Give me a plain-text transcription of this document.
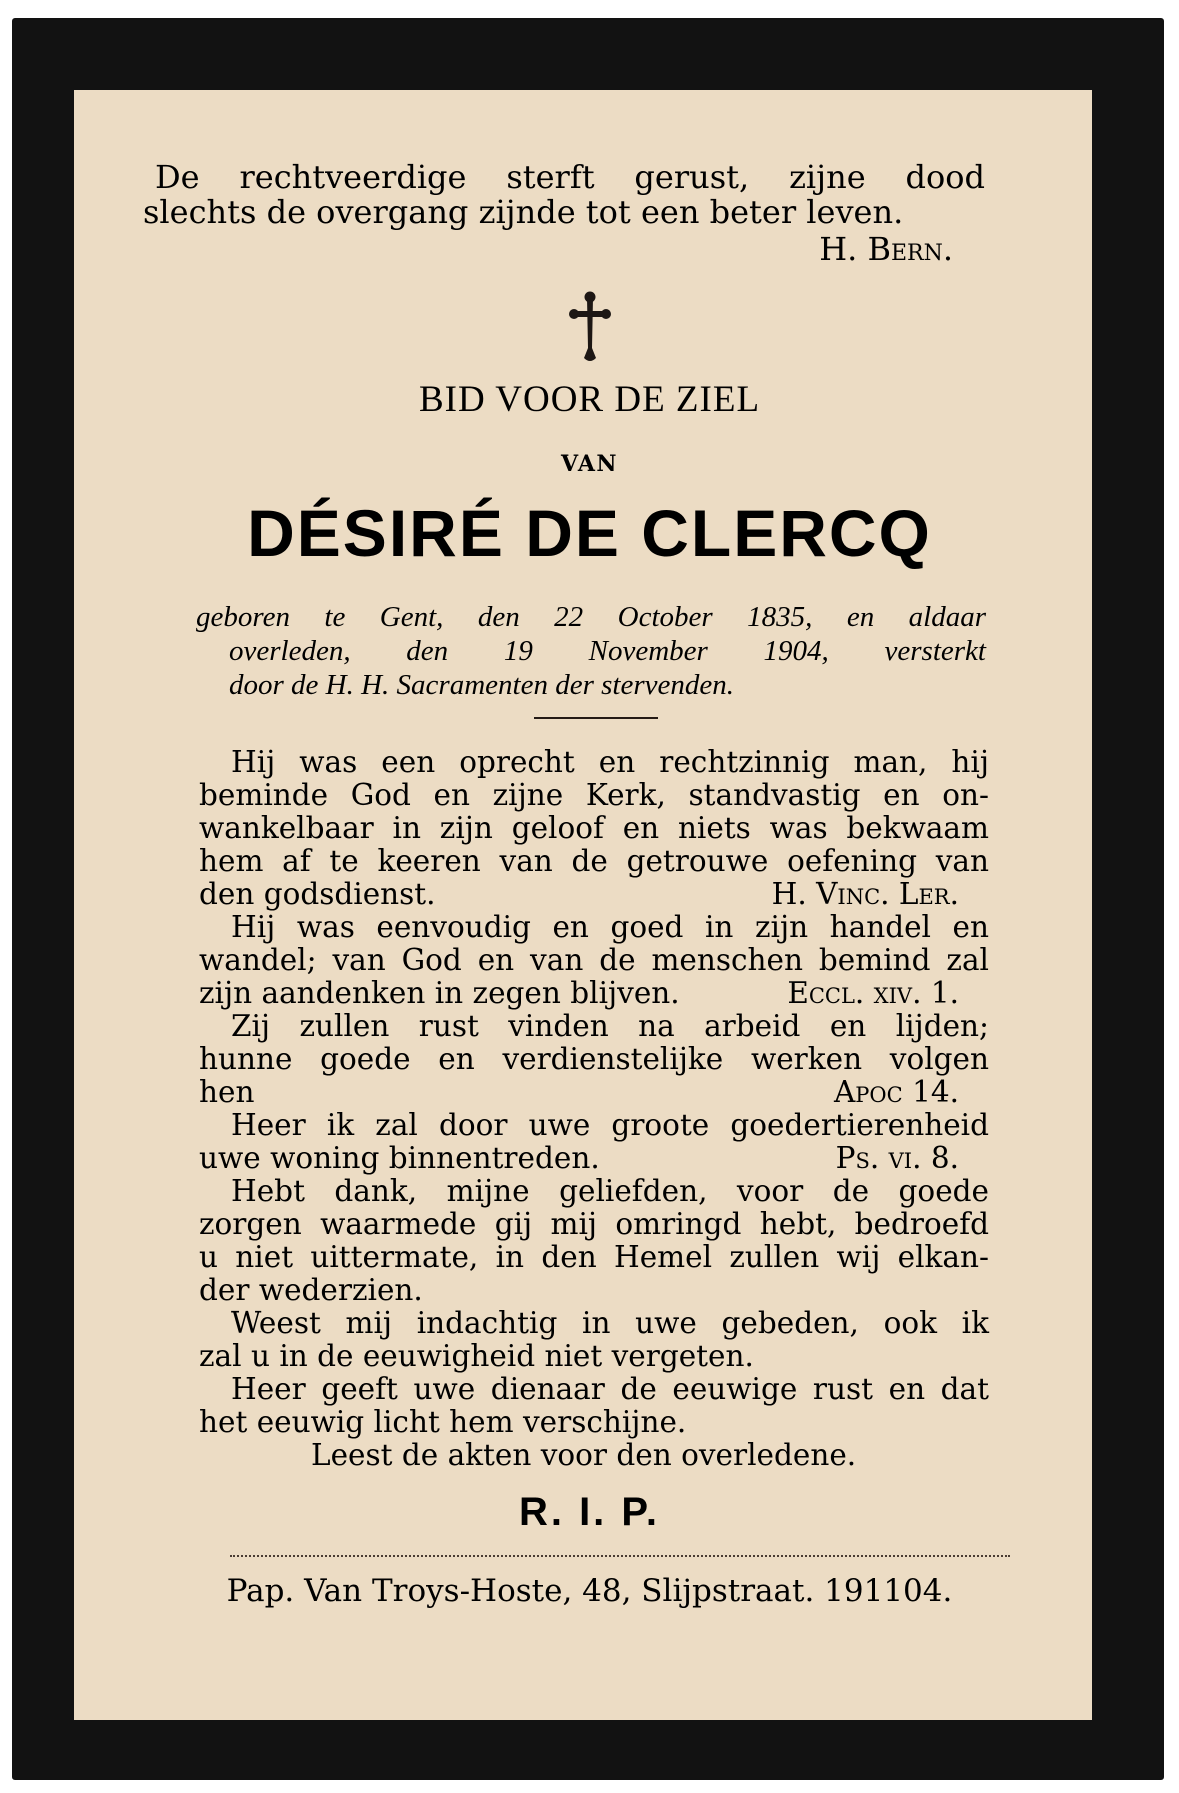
De rechtveerdige sterft gerust, zijne dood
slechts de overgang zijnde tot een beter leven.
H. Bern.
BID VOOR DE ZIEL
VAN
DÉSIRÉ DE CLERCQ
geboren te Gent, den 22 October 1835, en aldaar
overleden, den 19 November 1904, versterkt
door de H. H. Sacramenten der stervenden.
Hij was een oprecht en rechtzinnig man, hij
beminde God en zijne Kerk, standvastig en on-
wankelbaar in zijn geloof en niets was bekwaam
hem af te keeren van de getrouwe oefening van
den godsdienst.	H. Vinc. Ler.
Hij was eenvoudig en goed in zijn handel en
wandel; van God en van de menschen bemind zal
zijn aandenken in zegen blijven.	Eccl. xiv. 1.
Zij zullen rust vinden na arbeid en lijden;
hunne goede en verdienstelijke werken volgen
hen	Apoc 14.
Heer ik zal door uwe groote goedertierenheid
uwe woning binnentreden.	Ps. vi. 8.
Hebt dank, mijne geliefden, voor de goede
zorgen waarmede gij mij omringd hebt, bedroefd
u niet uittermate, in den Hemel zullen wij elkan-
der wederzien.
Weest mij indachtig in uwe gebeden, ook ik
zal u in de eeuwigheid niet vergeten.
Heer geeft uwe dienaar de eeuwige rust en dat
het eeuwig licht hem verschijne.
Leest de akten voor den overledene.
R. I. P.
Pap. Van Troys-Hoste, 48, Slijpstraat. 191104.
